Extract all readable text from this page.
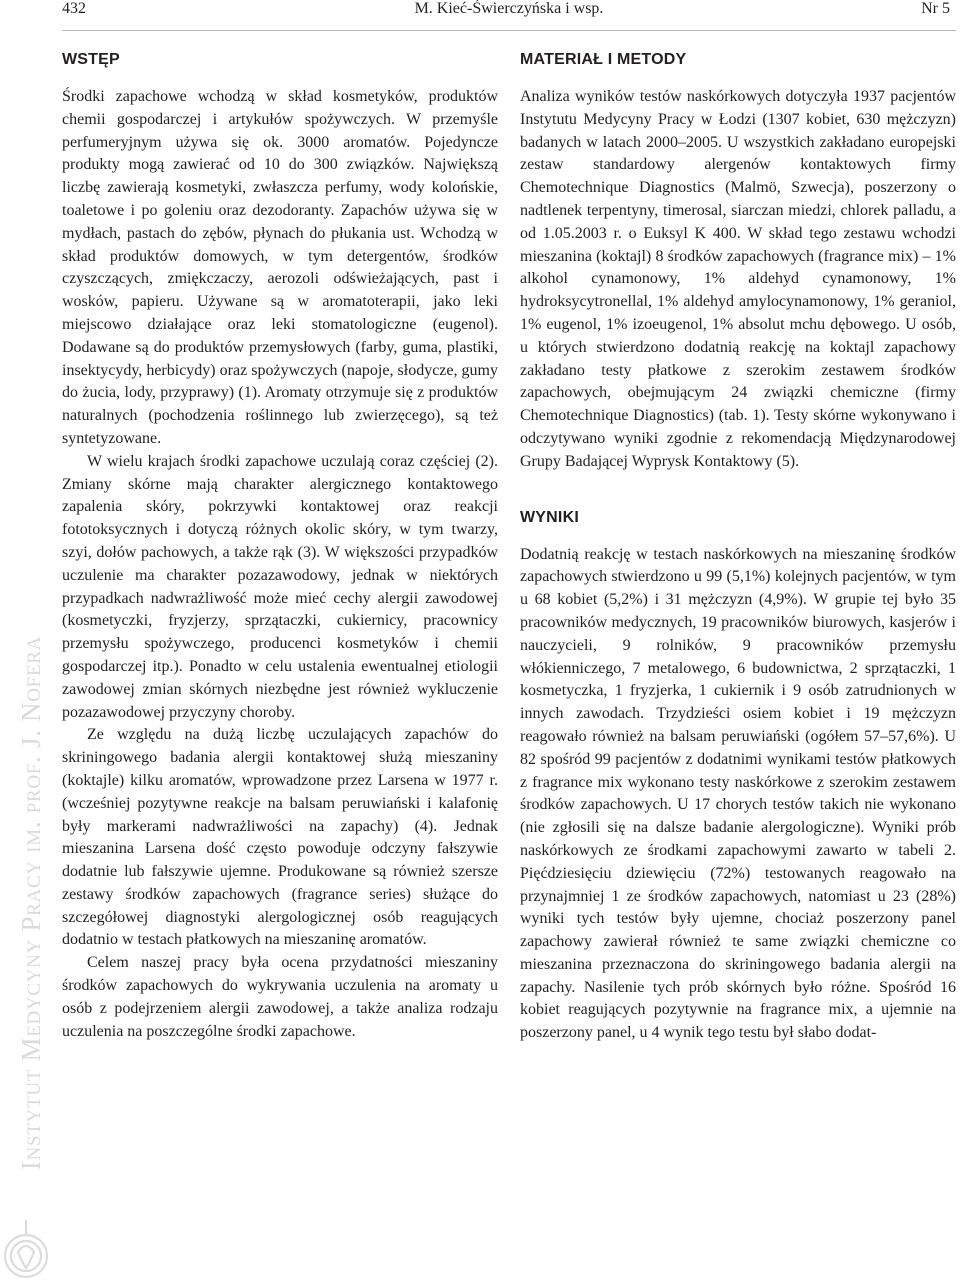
432	M. Kieć-Świerczyńska i wsp.	Nr 5
Instytut Medycyny Pracy im. prof. J. Nofera
WSTĘP

Środki zapachowe wchodzą w skład kosmetyków, produktów chemii gospodarczej i artykułów spożywczych. W przemyśle perfumeryjnym używa się ok. 3000 aromatów. Pojedyncze produkty mogą zawierać od 10 do 300 związków. Największą liczbę zawierają kosmetyki, zwłaszcza perfumy, wody kolońskie, toaletowe i po goleniu oraz dezodoranty. Zapachów używa się w mydłach, pastach do zębów, płynach do płukania ust. Wchodzą w skład produktów domowych, w tym detergentów, środków czyszczących, zmiękczaczy, aerozoli odświeżających, past i wosków, papieru. Używane są w aromatoterapii, jako leki miejscowo działające oraz leki stomatologiczne (eugenol). Dodawane są do produktów przemysłowych (farby, guma, plastiki, insektycydy, herbicydy) oraz spożywczych (napoje, słodycze, gumy do żucia, lody, przyprawy) (1). Aromaty otrzymuje się z produktów naturalnych (pochodzenia roślinnego lub zwierzęcego), są też syntetyzowane.

W wielu krajach środki zapachowe uczulają coraz częściej (2). Zmiany skórne mają charakter alergicznego kontaktowego zapalenia skóry, pokrzywki kontaktowej oraz reakcji fototoksycznych i dotyczą różnych okolic skóry, w tym twarzy, szyi, dołów pachowych, a także rąk (3). W większości przypadków uczulenie ma charakter pozazawodowy, jednak w niektórych przypadkach nadwrażliwość może mieć cechy alergii zawodowej (kosmetyczki, fryzjerzy, sprzątaczki, cukiernicy, pracownicy przemysłu spożywczego, producenci kosmetyków i chemii gospodarczej itp.). Ponadto w celu ustalenia ewentualnej etiologii zawodowej zmian skórnych niezbędne jest również wykluczenie pozazawodowej przyczyny choroby.

Ze względu na dużą liczbę uczulających zapachów do skriningowego badania alergii kontaktowej służą mieszaniny (koktajle) kilku aromatów, wprowadzone przez Larsena w 1977 r. (wcześniej pozytywne reakcje na balsam peruwiański i kalafonię były markerami nadwrażliwości na zapachy) (4). Jednak mieszanina Larsena dość często powoduje odczyny fałszywie dodatnie lub fałszywie ujemne. Produkowane są również szersze zestawy środków zapachowych (fragrance series) służące do szczegółowej diagnostyki alergologicznej osób reagujących dodatnio w testach płatkowych na mieszaninę aromatów.

Celem naszej pracy była ocena przydatności mieszaniny środków zapachowych do wykrywania uczulenia na aromaty u osób z podejrzeniem alergii zawodowej, a także analiza rodzaju uczulenia na poszczególne środki zapachowe.

MATERIAŁ I METODY

Analiza wyników testów naskórkowych dotyczyła 1937 pacjentów Instytutu Medycyny Pracy w Łodzi (1307 kobiet, 630 mężczyzn) badanych w latach 2000–2005. U wszystkich zakładano europejski zestaw standardowy alergenów kontaktowych firmy Chemotechnique Diagnostics (Malmö, Szwecja), poszerzony o nadtlenek terpentyny, timerosal, siarczan miedzi, chlorek palladu, a od 1.05.2003 r. o Euksyl K 400. W skład tego zestawu wchodzi mieszanina (koktajl) 8 środków zapachowych (fragrance mix) – 1% alkohol cynamonowy, 1% aldehyd cynamonowy, 1% hydroksycytronellal, 1% aldehyd amylocynamonowy, 1% geraniol, 1% eugenol, 1% izoeugenol, 1% absolut mchu dębowego. U osób, u których stwierdzono dodatnią reakcję na koktajl zapachowy zakładano testy płatkowe z szerokim zestawem środków zapachowych, obejmującym 24 związki chemiczne (firmy Chemotechnique Diagnostics) (tab. 1). Testy skórne wykonywano i odczytywano wyniki zgodnie z rekomendacją Międzynarodowej Grupy Badającej Wyprysk Kontaktowy (5).

WYNIKI

Dodatnią reakcję w testach naskórkowych na mieszaninę środków zapachowych stwierdzono u 99 (5,1%) kolejnych pacjentów, w tym u 68 kobiet (5,2%) i 31 mężczyzn (4,9%). W grupie tej było 35 pracowników medycznych, 19 pracowników biurowych, kasjerów i nauczycieli, 9 rolników, 9 pracowników przemysłu włókienniczego, 7 metalowego, 6 budownictwa, 2 sprzątaczki, 1 kosmetyczka, 1 fryzjerka, 1 cukiernik i 9 osób zatrudnionych w innych zawodach. Trzydzieści osiem kobiet i 19 mężczyzn reagowało również na balsam peruwiański (ogółem 57–57,6%). U 82 spośród 99 pacjentów z dodatnimi wynikami testów płatkowych z fragrance mix wykonano testy naskórkowe z szerokim zestawem środków zapachowych. U 17 chorych testów takich nie wykonano (nie zgłosili się na dalsze badanie alergologiczne). Wyniki prób naskórkowych ze środkami zapachowymi zawarto w tabeli 2. Pięćdziesięciu dziewięciu (72%) testowanych reagowało na przynajmniej 1 ze środków zapachowych, natomiast u 23 (28%) wyniki tych testów były ujemne, chociaż poszerzony panel zapachowy zawierał również te same związki chemiczne co mieszanina przeznaczona do skriningowego badania alergii na zapachy. Nasilenie tych prób skórnych było różne. Spośród 16 kobiet reagujących pozytywnie na fragrance mix, a ujemnie na poszerzony panel, u 4 wynik tego testu był słabo dodat-
